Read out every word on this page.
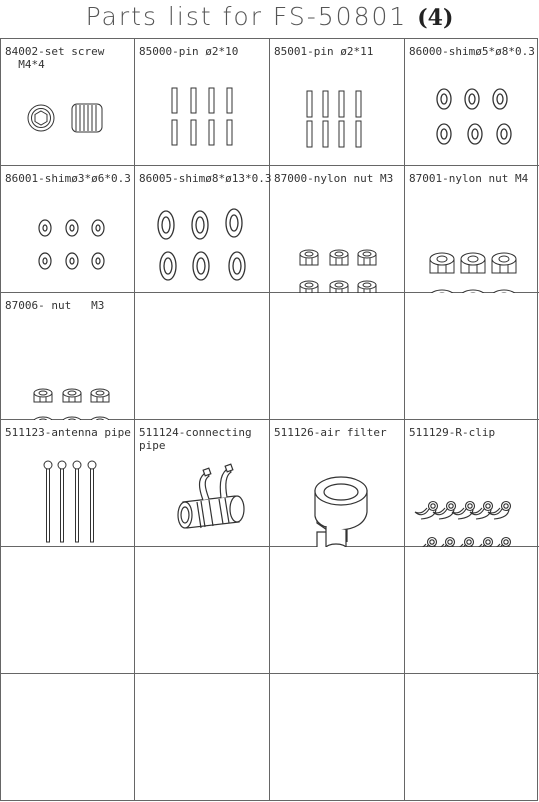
Parts list for FS-50801 (4)
84002-set screw
M4*4
85000-pin ø2*10	85001-pin ø2*11	86000-shimø5*ø8*0.3
86001-shimø3*ø6*0.3 86005-shimø8*ø13*0.3 87000-nylon nut M3 87001-nylon nut M4
87006- nut   M3
511123-antenna pipe 511124-connecting
pipe
511126-air filter 511129-R-clip
